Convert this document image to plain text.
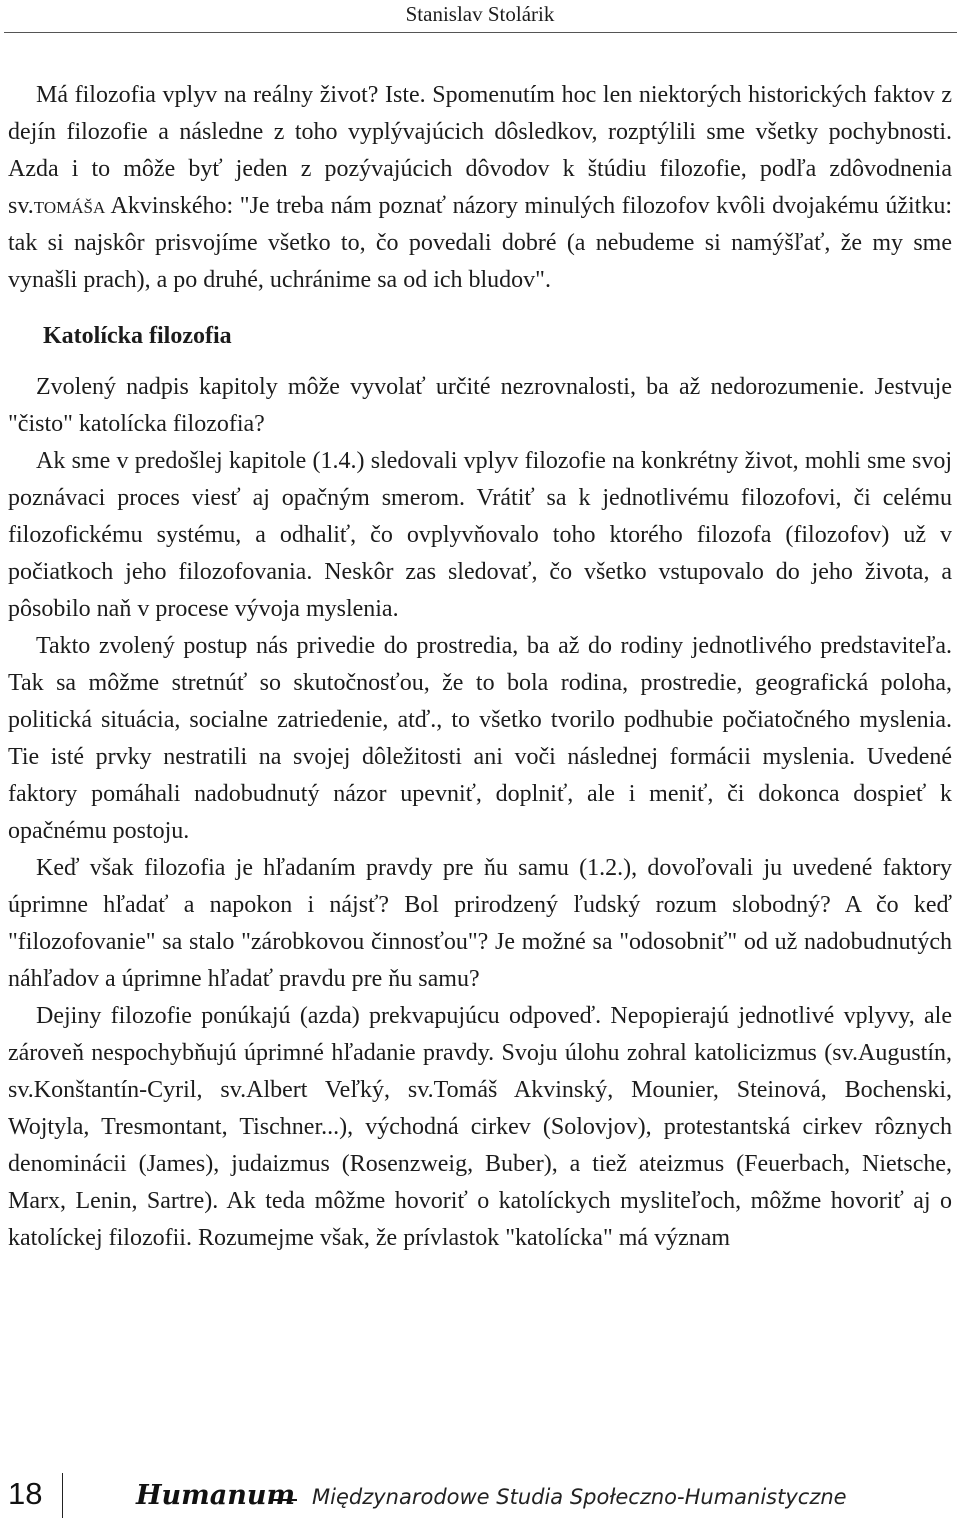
Stanislav Stolárik

Má filozofia vplyv na reálny život? Iste. Spomenutím hoc len niektorých historických faktov z dejín filozofie a následne z toho vyplývajúcich dôsledkov, rozptýlili sme všetky pochybnosti. Azda i to môže byť jeden z pozývajúcich dôvodov k štúdiu filozofie, podľa zdôvodnenia sv.tomáša Akvinského: "Je treba nám poznať názory minulých filozofov kvôli dvojakému úžitku: tak si najskôr prisvojíme všetko to, čo povedali dobré (a nebudeme si namýšľať, že my sme vynašli prach), a po druhé, uchránime sa od ich bludov".

Katolícka filozofia

Zvolený nadpis kapitoly môže vyvolať určité nezrovnalosti, ba až nedorozumenie. Jestvuje "čisto" katolícka filozofia?

Ak sme v predošlej kapitole (1.4.) sledovali vplyv filozofie na konkrétny život, mohli sme svoj poznávaci proces viesť aj opačným smerom. Vrátiť sa k jednotlivému filozofovi, či celému filozofickému systému, a odhaliť, čo ovplyvňovalo toho ktorého filozofa (filozofov) už v počiatkoch jeho filozofovania. Neskôr zas sledovať, čo všetko vstupovalo do jeho života, a pôsobilo naň v procese vývoja myslenia.

Takto zvolený postup nás privedie do prostredia, ba až do rodiny jednotlivého predstaviteľa. Tak sa môžme stretnúť so skutočnosťou, že to bola rodina, prostredie, geografická poloha, politická situácia, socialne zatriedenie, atď., to všetko tvorilo podhubie počiatočného myslenia. Tie isté prvky nestratili na svojej dôležitosti ani voči následnej formácii myslenia. Uvedené faktory pomáhali nadobudnutý názor upevniť, doplniť, ale i meniť, či dokonca dospieť k opačnému postoju.

Keď však filozofia je hľadaním pravdy pre ňu samu (1.2.), dovoľovali ju uvedené faktory úprimne hľadať a napokon i nájsť? Bol prirodzený ľudský rozum slobodný? A čo keď "filozofovanie" sa stalo "zárobkovou činnosťou"? Je možné sa "odosobniť" od už nadobudnutých náhľadov a úprimne hľadať pravdu pre ňu samu?

Dejiny filozofie ponúkajú (azda) prekvapujúcu odpoveď. Nepopierajú jednotlivé vplyvy, ale zároveň nespochybňujú úprimné hľadanie pravdy. Svoju úlohu zohral katolicizmus (sv.Augustín, sv.Konštantín-Cyril, sv.Albert Veľký, sv.Tomáš Akvinský, Mounier, Steinová, Bochenski, Wojtyla, Tresmontant, Tischner...), východná cirkev (Solovjov), protestantská cirkev rôznych denominácii (James), judaizmus (Rosenzweig, Buber), a tiež ateizmus (Feuerbach, Nietsche, Marx, Lenin, Sartre). Ak teda môžme hovoriť o katolíckych mysliteľoch, môžme hovoriť aj o katolíckej filozofii. Rozumejme však, že prívlastok "katolícka" má význam

18	Humanum Międzynarodowe Studia Społeczno-Humanistyczne
